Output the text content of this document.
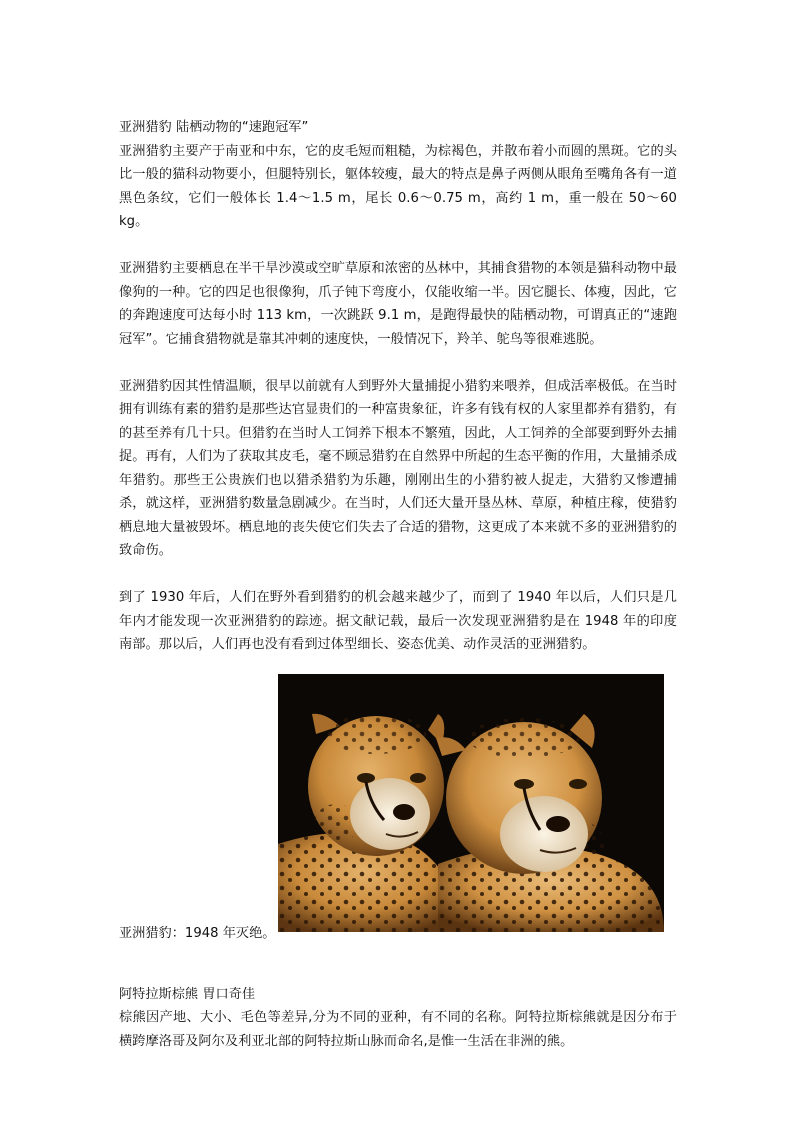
亚洲猎豹 陆栖动物的“速跑冠军”

亚洲猎豹主要产于南亚和中东，它的皮毛短而粗糙，为棕褐色，并散布着小而圆的黑斑。它的头比一般的猫科动物要小，但腿特别长，躯体较瘦，最大的特点是鼻子两侧从眼角至嘴角各有一道黑色条纹，它们一般体长 1.4～1.5 m，尾长 0.6～0.75 m，高约 1 m，重一般在 50～60 kg。

亚洲猎豹主要栖息在半干旱沙漠或空旷草原和浓密的丛林中，其捕食猎物的本领是猫科动物中最像狗的一种。它的四足也很像狗，爪子钝下弯度小，仅能收缩一半。因它腿长、体瘦，因此，它的奔跑速度可达每小时 113 km，一次跳跃 9.1 m，是跑得最快的陆栖动物，可谓真正的“速跑冠军”。它捕食猎物就是靠其冲刺的速度快，一般情况下，羚羊、鸵鸟等很难逃脱。

亚洲猎豹因其性情温顺，很早以前就有人到野外大量捕捉小猎豹来喂养，但成活率极低。在当时拥有训练有素的猎豹是那些达官显贵们的一种富贵象征，许多有钱有权的人家里都养有猎豹，有的甚至养有几十只。但猎豹在当时人工饲养下根本不繁殖，因此，人工饲养的全部要到野外去捕捉。再有，人们为了获取其皮毛，毫不顾忌猎豹在自然界中所起的生态平衡的作用，大量捕杀成年猎豹。那些王公贵族们也以猎杀猎豹为乐趣，刚刚出生的小猎豹被人捉走，大猎豹又惨遭捕杀，就这样，亚洲猎豹数量急剧减少。在当时，人们还大量开垦丛林、草原，种植庄稼，使猎豹栖息地大量被毁坏。栖息地的丧失使它们失去了合适的猎物，这更成了本来就不多的亚洲猎豹的致命伤。

到了 1930 年后，人们在野外看到猎豹的机会越来越少了，而到了 1940 年以后，人们只是几年内才能发现一次亚洲猎豹的踪迹。据文献记载，最后一次发现亚洲猎豹是在 1948 年的印度南部。那以后，人们再也没有看到过体型细长、姿态优美、动作灵活的亚洲猎豹。

亚洲猎豹：1948 年灭绝。

阿特拉斯棕熊 胃口奇佳

棕熊因产地、大小、毛色等差异,分为不同的亚种，有不同的名称。阿特拉斯棕熊就是因分布于横跨摩洛哥及阿尔及利亚北部的阿特拉斯山脉而命名,是惟一生活在非洲的熊。
